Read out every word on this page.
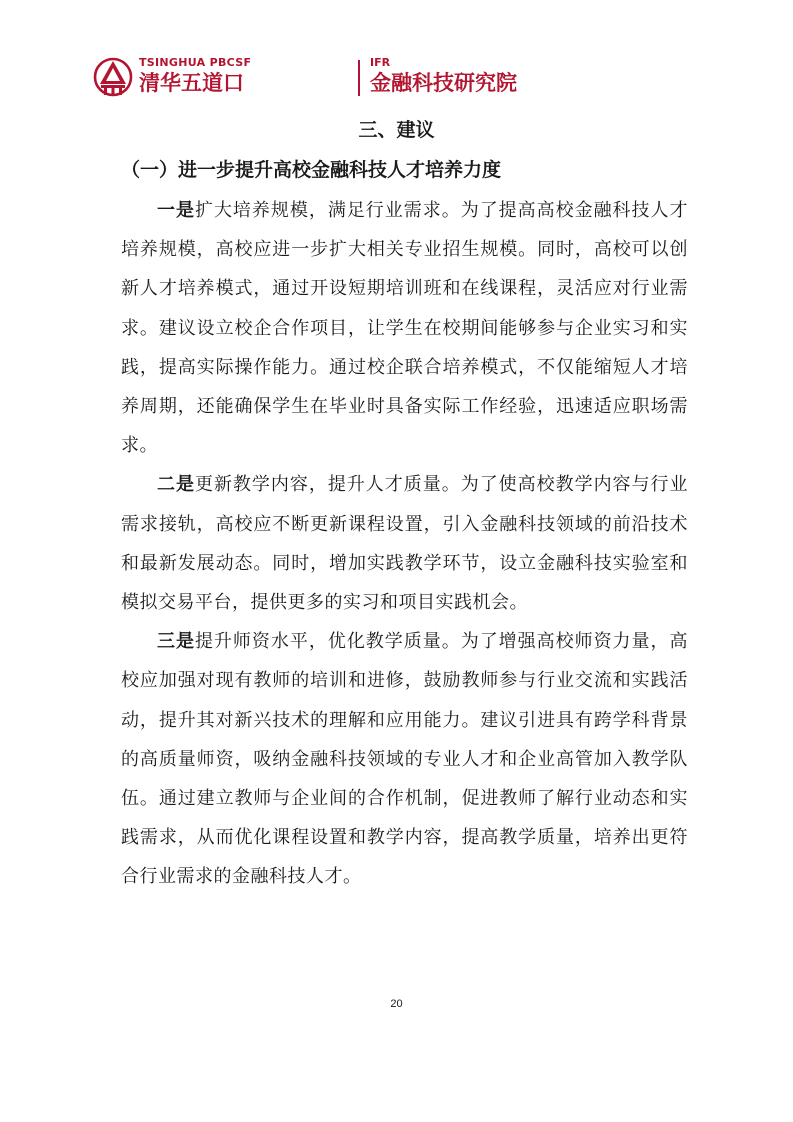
TSINGHUA PBCSF
清华五道口
IFR
金融科技研究院
三、建议
（一）进一步提升高校金融科技人才培养力度

一是扩大培养规模，满足行业需求。为了提高高校金融科技人才培养规模，高校应进一步扩大相关专业招生规模。同时，高校可以创新人才培养模式，通过开设短期培训班和在线课程，灵活应对行业需求。建议设立校企合作项目，让学生在校期间能够参与企业实习和实践，提高实际操作能力。通过校企联合培养模式，不仅能缩短人才培养周期，还能确保学生在毕业时具备实际工作经验，迅速适应职场需求。

二是更新教学内容，提升人才质量。为了使高校教学内容与行业需求接轨，高校应不断更新课程设置，引入金融科技领域的前沿技术和最新发展动态。同时，增加实践教学环节，设立金融科技实验室和模拟交易平台，提供更多的实习和项目实践机会。

三是提升师资水平，优化教学质量。为了增强高校师资力量，高校应加强对现有教师的培训和进修，鼓励教师参与行业交流和实践活动，提升其对新兴技术的理解和应用能力。建议引进具有跨学科背景的高质量师资，吸纳金融科技领域的专业人才和企业高管加入教学队伍。通过建立教师与企业间的合作机制，促进教师了解行业动态和实践需求，从而优化课程设置和教学内容，提高教学质量，培养出更符合行业需求的金融科技人才。

20
